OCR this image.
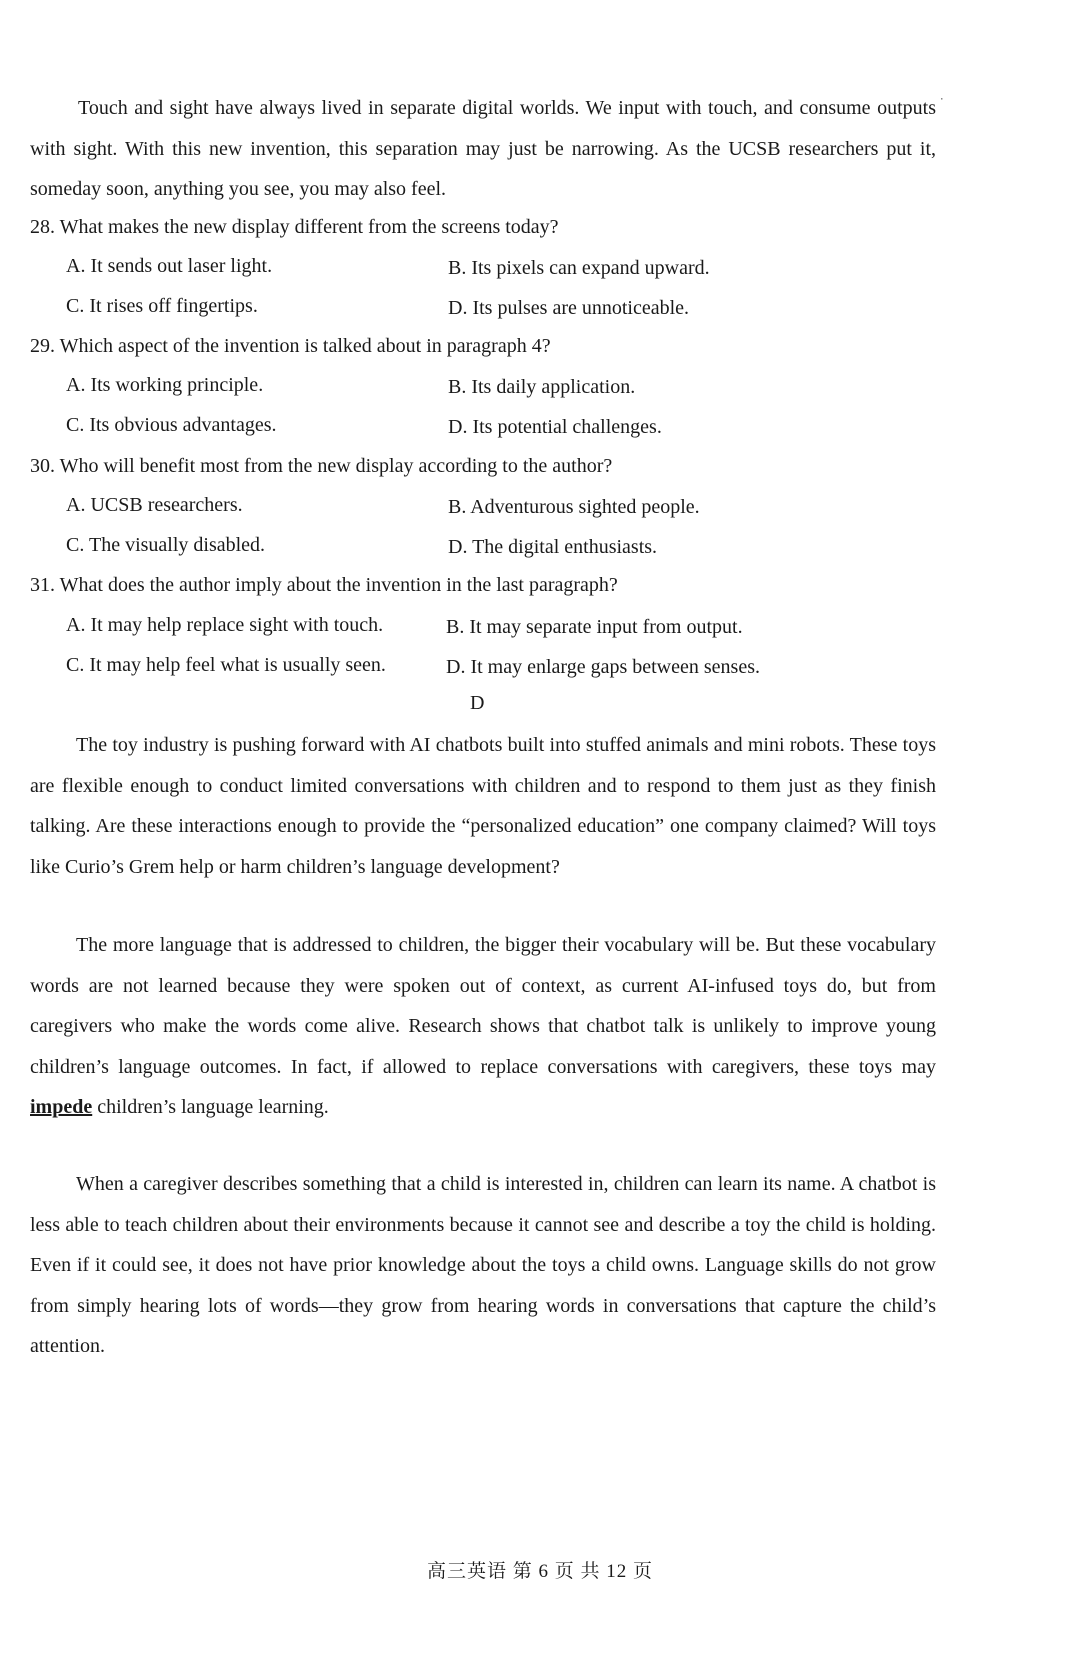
ᐝ

Touch and sight have always lived in separate digital worlds. We input with touch, and consume outputs with sight. With this new invention, this separation may just be narrowing. As the UCSB researchers put it, someday soon, anything you see, you may also feel.

28. What makes the new display different from the screens today?

A. It sends out laser light.	B. Its pixels can expand upward.

C. It rises off fingertips.	D. Its pulses are unnoticeable.

29. Which aspect of the invention is talked about in paragraph 4?

A. Its working principle.	B. Its daily application.

C. Its obvious advantages.	D. Its potential challenges.

30. Who will benefit most from the new display according to the author?

A. UCSB researchers.	B. Adventurous sighted people.

C. The visually disabled.	D. The digital enthusiasts.

31. What does the author imply about the invention in the last paragraph?

A. It may help replace sight with touch.	B. It may separate input from output.

C. It may help feel what is usually seen.	D. It may enlarge gaps between senses.

D

The toy industry is pushing forward with AI chatbots built into stuffed animals and mini robots. These toys are flexible enough to conduct limited conversations with children and to respond to them just as they finish talking. Are these interactions enough to provide the “personalized education” one company claimed? Will toys like Curio’s Grem help or harm children’s language development?

The more language that is addressed to children, the bigger their vocabulary will be. But these vocabulary words are not learned because they were spoken out of context, as current AI-infused toys do, but from caregivers who make the words come alive. Research shows that chatbot talk is unlikely to improve young children’s language outcomes. In fact, if allowed to replace conversations with caregivers, these toys may impede children’s language learning.

When a caregiver describes something that a child is interested in, children can learn its name. A chatbot is less able to teach children about their environments because it cannot see and describe a toy the child is holding. Even if it could see, it does not have prior knowledge about the toys a child owns. Language skills do not grow from simply hearing lots of words—they grow from hearing words in conversations that capture the child’s attention.

高三英语 第 6 页 共 12 页
